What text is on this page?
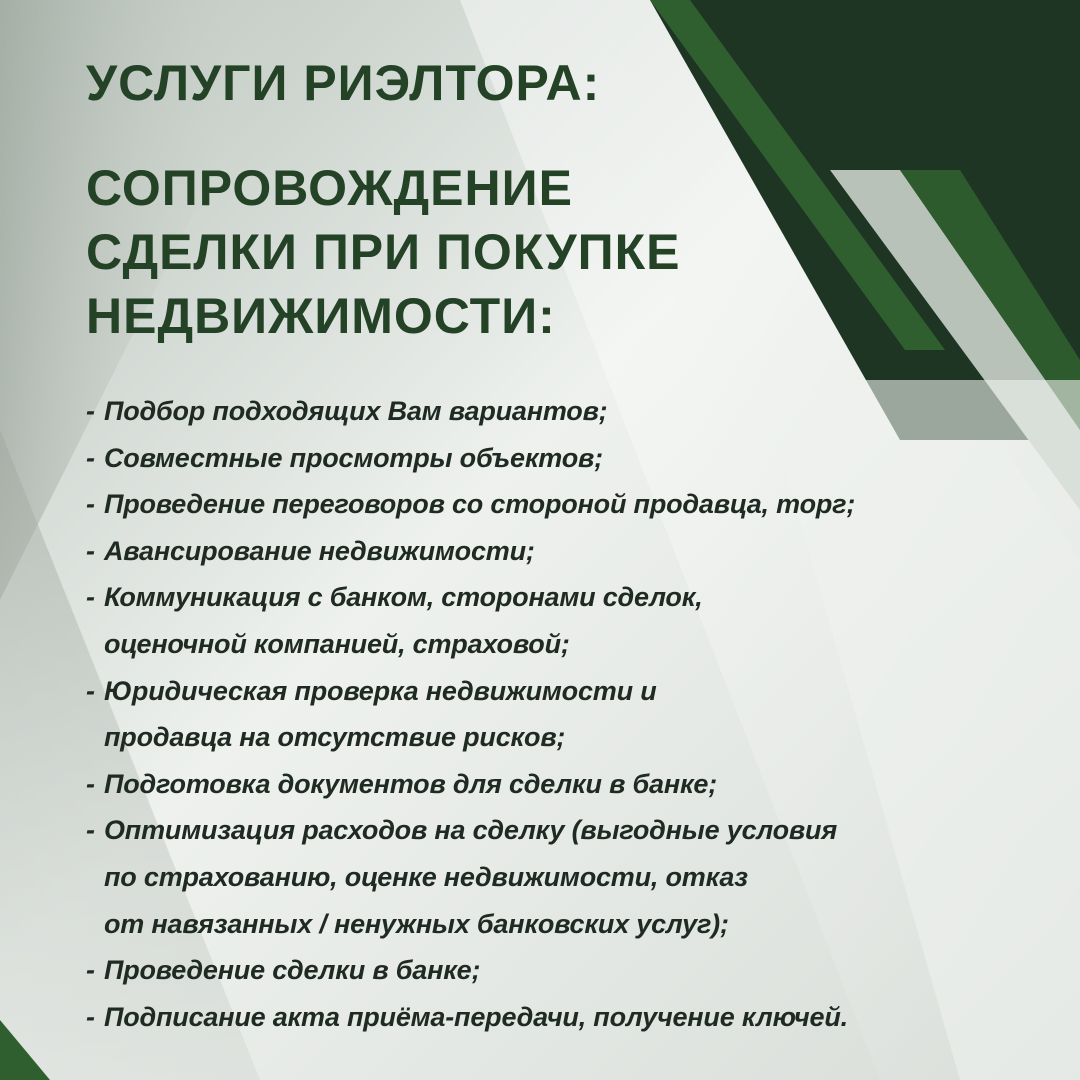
УСЛУГИ РИЭЛТОРА:
СОПРОВОЖДЕНИЕ
СДЕЛКИ ПРИ ПОКУПКЕ
НЕДВИЖИМОСТИ:
- Подбор подходящих Вам вариантов;
- Совместные просмотры объектов;
- Проведение переговоров со стороной продавца, торг;
- Авансирование недвижимости;
- Коммуникация с банком, сторонами сделок,
оценочной компанией, страховой;
- Юридическая проверка недвижимости и
продавца на отсутствие рисков;
- Подготовка документов для сделки в банке;
- Оптимизация расходов на сделку (выгодные условия
по страхованию, оценке недвижимости, отказ
от навязанных / ненужных банковских услуг);
- Проведение сделки в банке;
- Подписание акта приёма-передачи, получение ключей.
